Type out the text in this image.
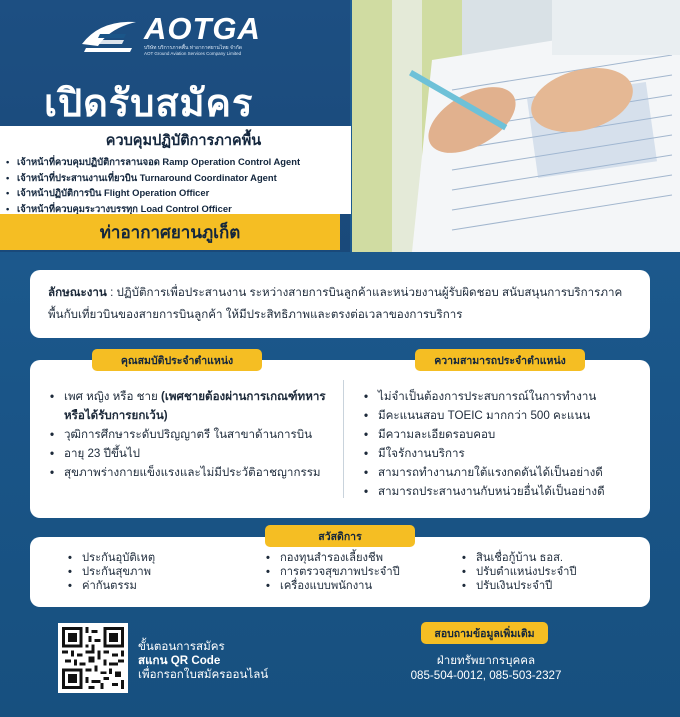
AOTGA
บริษัท บริการภาคพื้น ท่าอากาศยานไทย จำกัด
AOT Ground Aviation Services Company Limited
เปิดรับสมัคร
ควบคุมปฏิบัติการภาคพื้น
• เจ้าหน้าที่ควบคุมปฏิบัติการลานจอด Ramp Operation Control Agent
• เจ้าหน้าที่ประสานงานเที่ยวบิน Turnaround Coordinator Agent
• เจ้าหน้าปฏิบัติการบิน Flight Operation Officer
• เจ้าหน้าที่ควบคุมระวางบรรทุก Load Control Officer
ท่าอากาศยานภูเก็ต
ลักษณะงาน : ปฏิบัติการเพื่อประสานงาน ระหว่างสายการบินลูกค้าและหน่วยงานผู้รับผิดชอบ สนับสนุนการบริการภาคพื้นกับเที่ยวบินของสายการบินลูกค้า ให้มีประสิทธิภาพและตรงต่อเวลาของการบริการ
• เพศ หญิง หรือ ชาย (เพศชายต้องผ่านการเกณฑ์ทหารหรือได้รับการยกเว้น)
• วุฒิการศึกษาระดับปริญญาตรี ในสาขาด้านการบิน
• อายุ 23 ปีขึ้นไป
• สุขภาพร่างกายแข็งแรงและไม่มีประวัติอาชญากรรม
• ไม่จำเป็นต้องการประสบการณ์ในการทำงาน
• มีคะแนนสอบ TOEIC มากกว่า 500 คะแนน
• มีความละเอียดรอบคอบ
• มีใจรักงานบริการ
• สามารถทำงานภายใต้แรงกดดันได้เป็นอย่างดี
• สามารถประสานงานกับหน่วยอื่นได้เป็นอย่างดี
คุณสมบัติประจำตำแหน่ง	ความสามารถประจำตำแหน่ง
• ประกันอุบัติเหตุ
• ประกันสุขภาพ
• ค่ากันตรรม
• กองทุนสำรองเลี้ยงชีพ
• การตรวจสุขภาพประจำปี
• เครื่องแบบพนักงาน
• สินเชื่อกู้บ้าน ธอส.
• ปรับตำแหน่งประจำปี
• ปรับเงินประจำปี
สวัสดิการ
ขั้นตอนการสมัคร
สแกน QR Code
เพื่อกรอกใบสมัครออนไลน์
สอบถามข้อมูลเพิ่มเติม
ฝ่ายทรัพยากรบุคคล
085-504-0012, 085-503-2327
